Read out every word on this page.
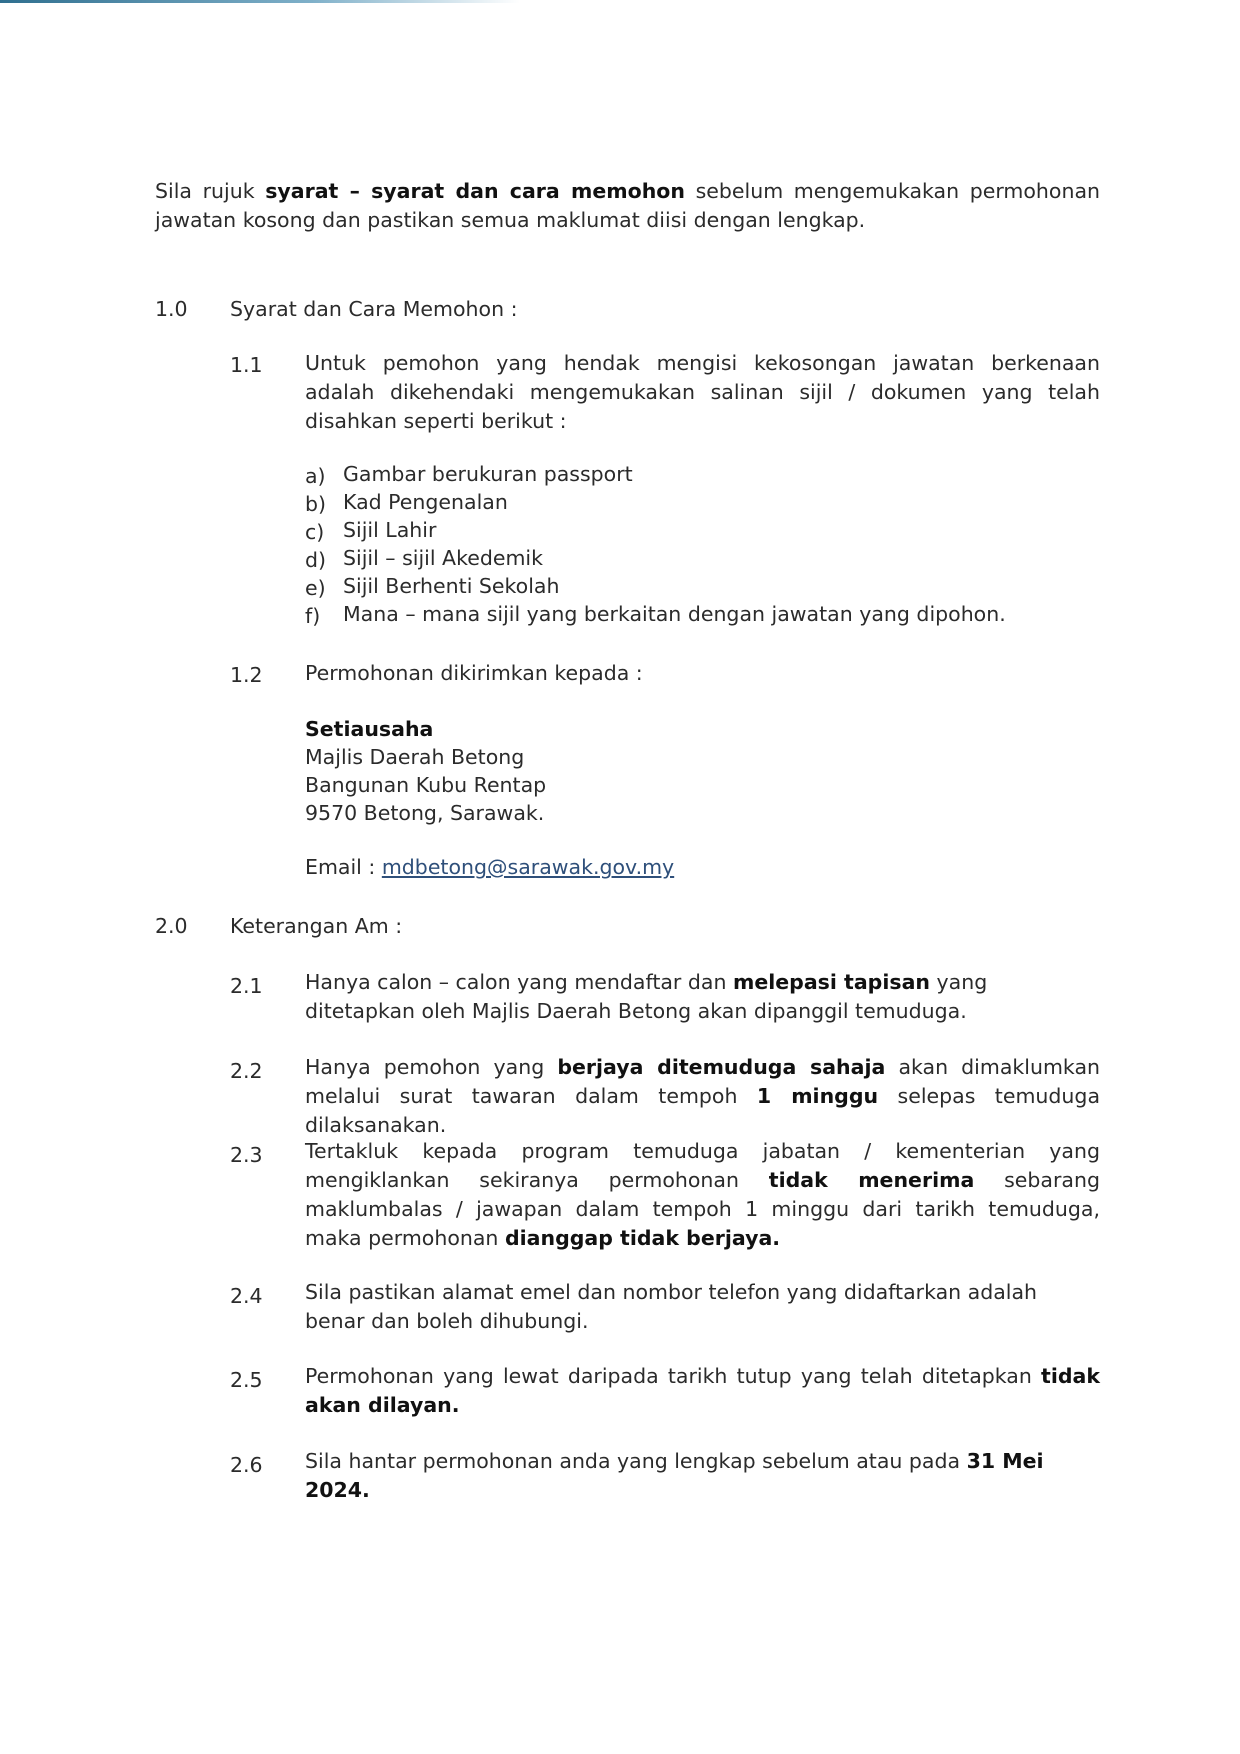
Sila rujuk syarat – syarat dan cara memohon sebelum mengemukakan permohonan jawatan kosong dan pastikan semua maklumat diisi dengan lengkap.
1.0 Syarat dan Cara Memohon :
1.1 Untuk pemohon yang hendak mengisi kekosongan jawatan berkenaan adalah dikehendaki mengemukakan salinan sijil / dokumen yang telah disahkan seperti berikut :
a) Gambar berukuran passport
b) Kad Pengenalan
c) Sijil Lahir
d) Sijil – sijil Akedemik
e) Sijil Berhenti Sekolah
f) Mana – mana sijil yang berkaitan dengan jawatan yang dipohon.
1.2 Permohonan dikirimkan kepada :
Setiausaha
Majlis Daerah Betong
Bangunan Kubu Rentap
9570 Betong, Sarawak.
Email : mdbetong@sarawak.gov.my
2.0 Keterangan Am :
2.1 Hanya calon – calon yang mendaftar dan melepasi tapisan yang ditetapkan oleh Majlis Daerah Betong akan dipanggil temuduga.
2.2 Hanya pemohon yang berjaya ditemuduga sahaja akan dimaklumkan melalui surat tawaran dalam tempoh 1 minggu selepas temuduga dilaksanakan.
2.3 Tertakluk kepada program temuduga jabatan / kementerian yang mengiklankan sekiranya permohonan tidak menerima sebarang maklumbalas / jawapan dalam tempoh 1 minggu dari tarikh temuduga, maka permohonan dianggap tidak berjaya.
2.4 Sila pastikan alamat emel dan nombor telefon yang didaftarkan adalah benar dan boleh dihubungi.
2.5 Permohonan yang lewat daripada tarikh tutup yang telah ditetapkan tidak akan dilayan.
2.6 Sila hantar permohonan anda yang lengkap sebelum atau pada 31 Mei 2024.
